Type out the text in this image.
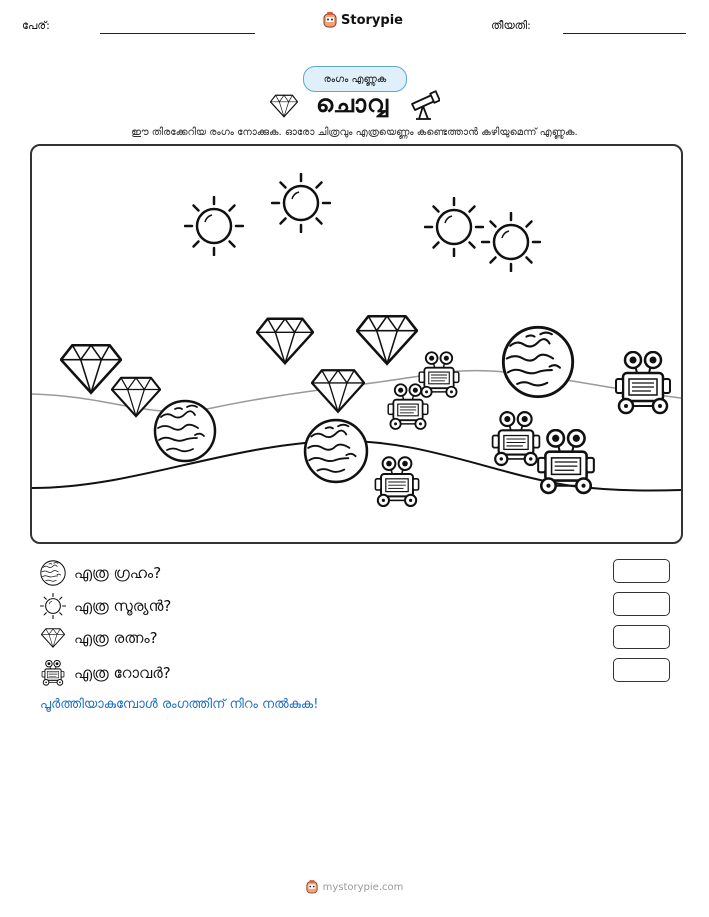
പേര്:	Storypie	തീയതി:
രംഗം എണ്ണുക
ചൊവ്വ
ഈ തിരക്കേറിയ രംഗം നോക്കുക. ഓരോ ചിത്രവും എത്രയെണ്ണം കണ്ടെത്താൻ കഴിയുമെന്ന് എണ്ണുക.
എത്ര ഗ്രഹം?
എത്ര സൂര്യൻ?
എത്ര രത്നം?
എത്ര റോവർ?
പൂർത്തിയാകുമ്പോൾ രംഗത്തിന് നിറം നൽകുക!
mystorypie.com
